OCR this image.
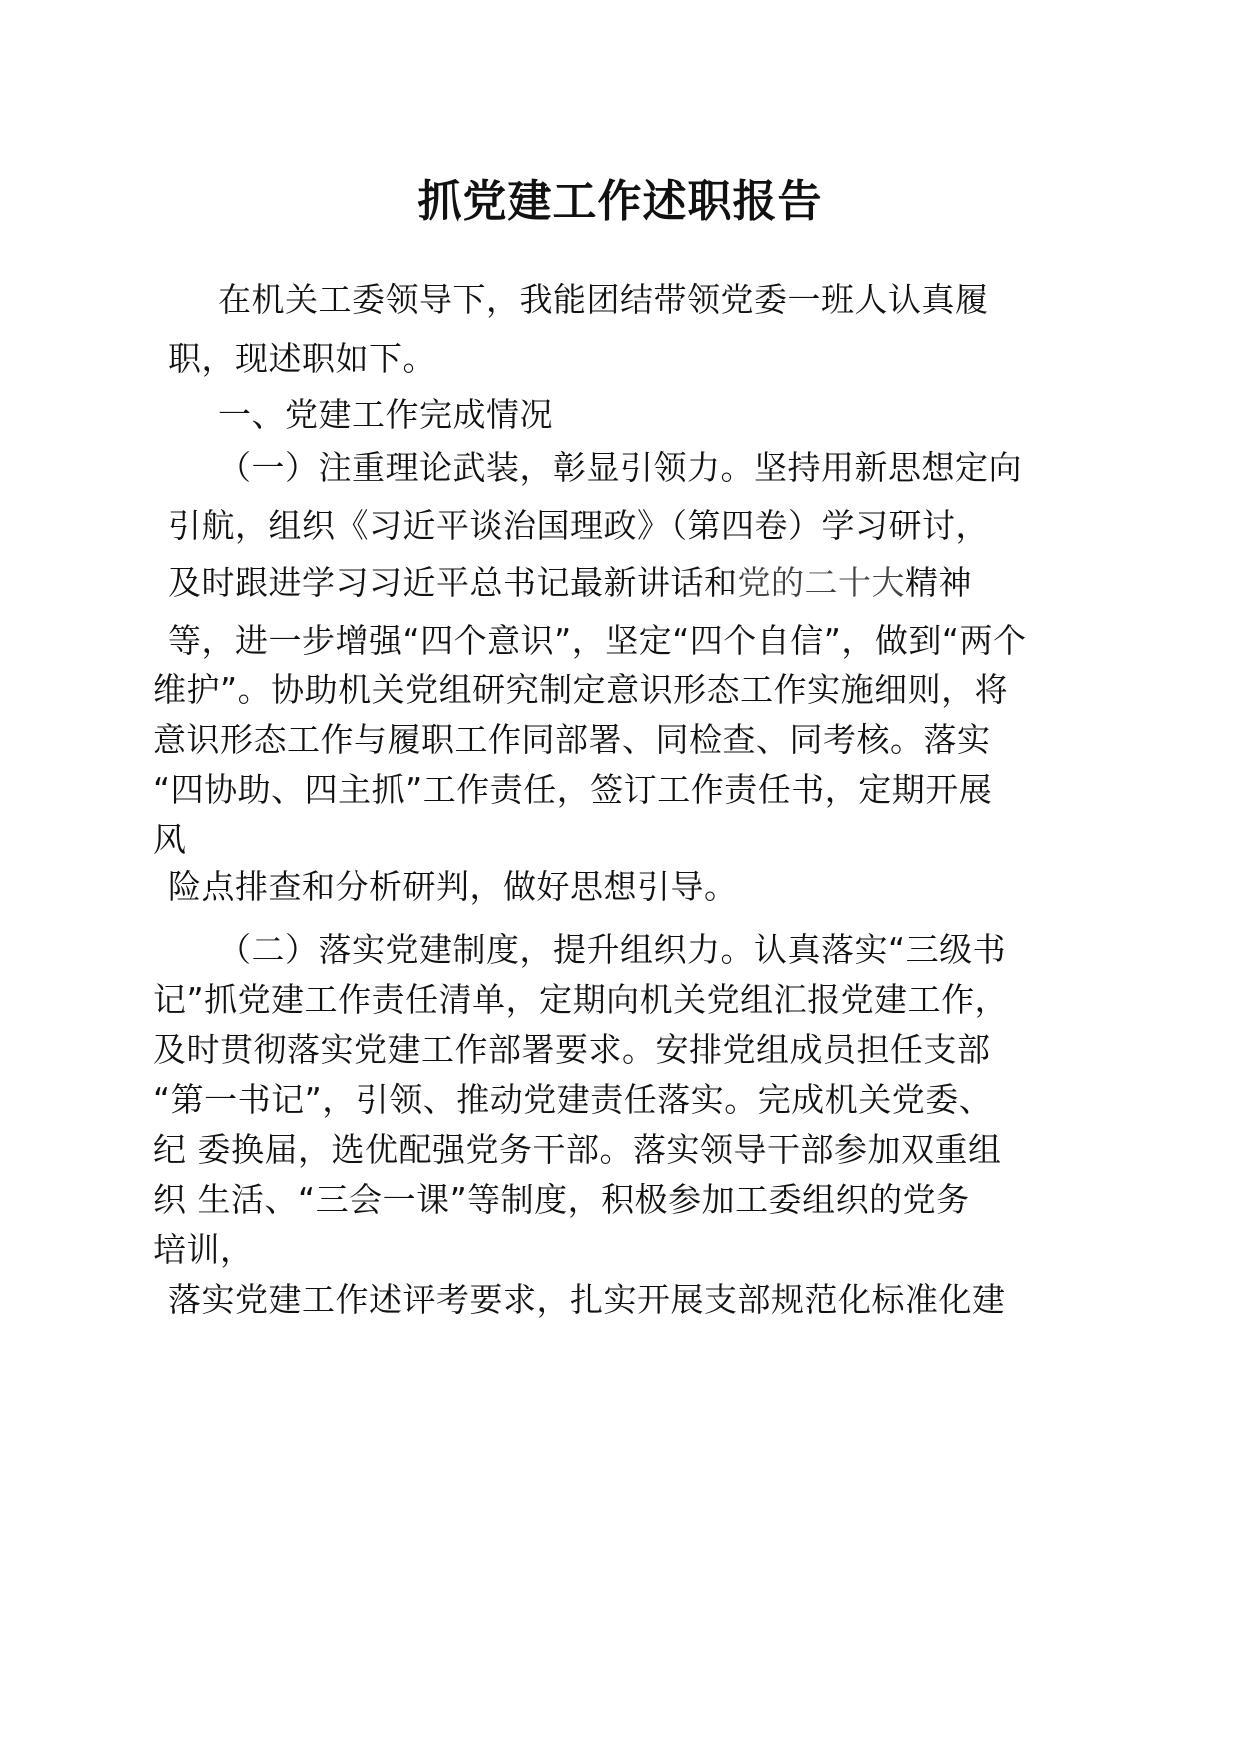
抓党建工作述职报告
在机关工委领导下，我能团结带领党委一班人认真履
职，现述职如下。
一、党建工作完成情况
（一）注重理论武装，彰显引领力。坚持用新思想定向
引航，组织《习近平谈治国理政》（第四卷）学习研讨，
及时跟进学习习近平总书记最新讲话和党的二十大精神
等，进一步增强“四个意识”，坚定“四个自信”，做到“两个
维护”。协助机关党组研究制定意识形态工作实施细则，将
意识形态工作与履职工作同部署、同检查、同考核。落实
“四协助、四主抓”工作责任，签订工作责任书，定期开展
风
险点排查和分析研判，做好思想引导。
（二）落实党建制度，提升组织力。认真落实“三级书
记”抓党建工作责任清单，定期向机关党组汇报党建工作，
及时贯彻落实党建工作部署要求。安排党组成员担任支部
“第一书记”，引领、推动党建责任落实。完成机关党委、
纪 委换届，选优配强党务干部。落实领导干部参加双重组
织 生活、“三会一课”等制度，积极参加工委组织的党务
培训，
落实党建工作述评考要求，扎实开展支部规范化标准化建
